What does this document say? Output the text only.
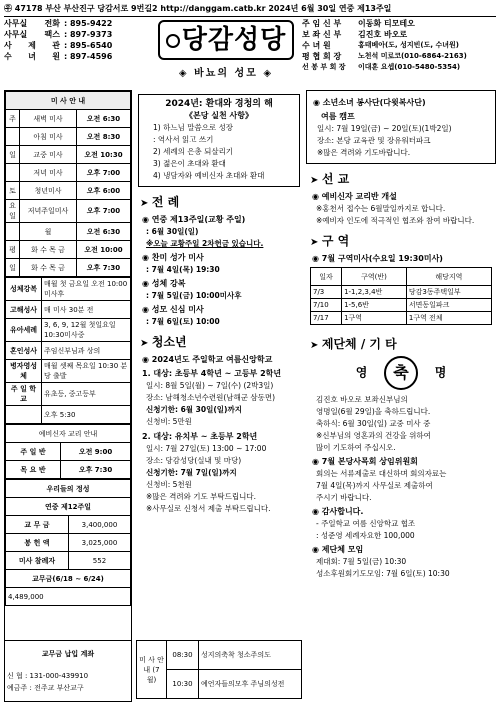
㉾ 47178 부산 부산진구 당감서로 9번길2 http://danggam.catb.kr 2024년 6월 30일 연중 제13주일
사무실 전화 : 895-9422
사무실 팩스 : 897-9373
사 제 관 : 895-6540
수 녀 원 : 897-4596
당감성당
◈ 바뇨의 성모 ◈
주 임 신 부	이동화 티모테오
보 좌 신 부	김진호 바오로
수 녀 원	홍태베아(도, 성지빈(도, 수녀원)
평 협 회 장	노천석 미로코(010-6864-2163)
선 봉 부 회 장	이대훈 요셉(010-5480-5354)
미 사 안 내		
주	새벽 미사	오전 6:30
	아침 미사	오전 8:30
일	교중 미사	오전 10:30
	저녁 미사	오후 7:00
토	청년미사	오후 6:00
요일	저녁주일미사	오후 7:00
	월	오전 6:30
평	화 수 목 금	오전 10:00
일	화 수 목 금	오후 7:30
성체강복	매월 첫 금요일 오전 10:00 미사후
고해성사	매 미사 30분 전
유아세례	3, 6, 9, 12월 첫일요일 10:30미사중
혼인성사	주임신부님과 상의
병자영성체	매월 셋째 목요일 10:30 분당 출발
주 일 학교	유초등, 중고등부
	오후 5:30
예비신자 교리 안내	
주 일 반	오전 9:00
목 요 반	오후 7:30
우리들의 정성	
연중 제12주일	
교 무 금	3,400,000
봉 헌 액	3,025,000
미사 참례자	552
교무금(6/18 ~ 6/24)	
4,489,000	
교무금 납입 계좌
신 협 : 131-000-439910
예금주 : 전주교 부산교구
2024년: 환대와 경청의 해
《본당 실천 사항》
1) 하느님 말씀으로 성장
: 역사서 읽고 쓰기
2) 세례의 은총 되살리기
3) 젊은이 초대와 환대
4) 냉담자와 예비신자 초대와 환대
➤ 전 례
◉ 연중 제13주일(교황 주일)
: 6월 30일(일)
※오늘 교황주일 2차헌금 있습니다.
◉ 찬미 성가 미사
: 7월 4일(목) 19:30
◉ 성체 강복
: 7월 5일(금) 10:00미사후
◉ 성모 신심 미사
: 7월 6일(토) 10:00
➤ 청소년
◉ 2024년도 주일학교 여름신앙학교
1. 대상: 초등부 4학년 ~ 고등부 2학년
일시: 8월 5일(월) ~ 7일(수) (2박3일)
장소: 남해청소년수련원(남해군 삼동면)
신청기한: 6월 30일(일)까지
신청비: 5만원
2. 대상: 유치부 ~ 초등부 2학년
일시: 7월 27일(토) 13:00 ~ 17:00
장소: 당감성당(실내 및 마당)
신청기한: 7월 7일(일)까지
신청비: 5천원
※많은 격려와 기도 부탁드립니다.
※사무실로 신청서 제출 부탁드립니다.
미 사 안 내 (7월)	08:30	성지의축착 청소주의도
	10:30	예언자들의모후 주님의성전
◉ 소년소녀 봉사단(다윗복사단)
여름 캠프
일시: 7월 19일(금) ~ 20일(토)(1박2일)
장소: 본당 교육관 및 장유워터파크
※많은 격려와 기도바랍니다.
➤ 선 교
◉ 예비신자 교리반 개설
※홍천서 접수는 6월말일까지로 합니다.
※예비자 인도에 적극적인 협조와 참여 바랍니다.
➤ 구 역
◉ 7월 구역미사(수요일 19:30미사)
일자	구역(반)	해당지역
7/3	1-1,2,3,4반	당감3동주택일부
7/10	1-5,6반	서면동일파크
7/17	1구역	1구역 전체
➤ 제단체 / 기 타
영 축 명
김진호 바오로 보좌신부님의
영명일(6월 29일)을 축하드립니다.
축하식: 6월 30일(일) 교중 미사 중
※신부님의 영혼과의 건강을 위하여
많이 기도하여 주십시오.
◉ 7월 본당사목회 상임위원회
회의는 서류제출로 대신하며 회의자료는
7월 4일(목)까지 사무실로 제출하여
주시기 바랍니다.
◉ 감사합니다.
- 주일학교 여름 신앙학교 협조
: 성준영 세례자요한 100,000
◉ 제단체 모임
제대회: 7월 5일(금) 10:30
성소후원회기도모임: 7월 6일(토) 10:30
